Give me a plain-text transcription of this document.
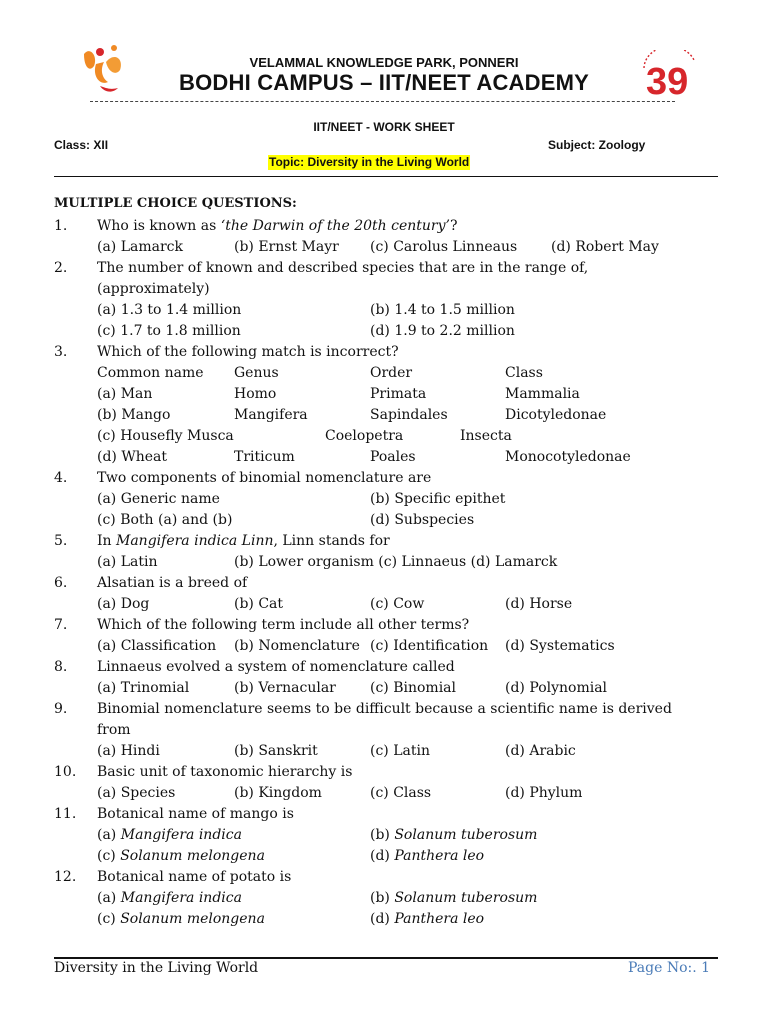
39
VELAMMAL KNOWLEDGE PARK, PONNERI
BODHI CAMPUS – IIT/NEET ACADEMY
IIT/NEET - WORK SHEET
Class: XII	Subject: Zoology
Topic: Diversity in the Living World
MULTIPLE CHOICE QUESTIONS:
1. Who is known as ‘the Darwin of the 20th century’?
(a) Lamarck	(b) Ernst Mayr (c) Carolus Linneaus (d) Robert May
2. The number of known and described species that are in the range of,
(approximately)
(a) 1.3 to 1.4 million	(b) 1.4 to 1.5 million
(c) 1.7 to 1.8 million	(d) 1.9 to 2.2 million
3. Which of the following match is incorrect?
Common name Genus	Order	Class
(a) Man	Homo	Primata	Mammalia
(b) Mango	Mangifera	Sapindales	Dicotyledonae
(c) Housefly Musca	Coelopetra	Insecta
(d) Wheat	Triticum	Poales	Monocotyledonae
4. Two components of binomial nomenclature are
(a) Generic name	(b) Specific epithet
(c) Both (a) and (b)	(d) Subspecies
5. In Mangifera indica Linn, Linn stands for
(a) Latin	(b) Lower organism (c) Linnaeus (d) Lamarck
6. Alsatian is a breed of
(a) Dog	(b) Cat	(c) Cow	(d) Horse
7. Which of the following term include all other terms?
(a) Classification (b) Nomenclature (c) Identification (d) Systematics
8. Linnaeus evolved a system of nomenclature called
(a) Trinomial	(b) Vernacular (c) Binomial	(d) Polynomial
9. Binomial nomenclature seems to be difficult because a scientific name is derived
from
(a) Hindi	(b) Sanskrit	(c) Latin	(d) Arabic
10. Basic unit of taxonomic hierarchy is
(a) Species	(b) Kingdom	(c) Class	(d) Phylum
11. Botanical name of mango is
(a) Mangifera indica	(b) Solanum tuberosum
(c) Solanum melongena	(d) Panthera leo
12. Botanical name of potato is
(a) Mangifera indica	(b) Solanum tuberosum
(c) Solanum melongena	(d) Panthera leo
Diversity in the Living World	Page No:. 1
